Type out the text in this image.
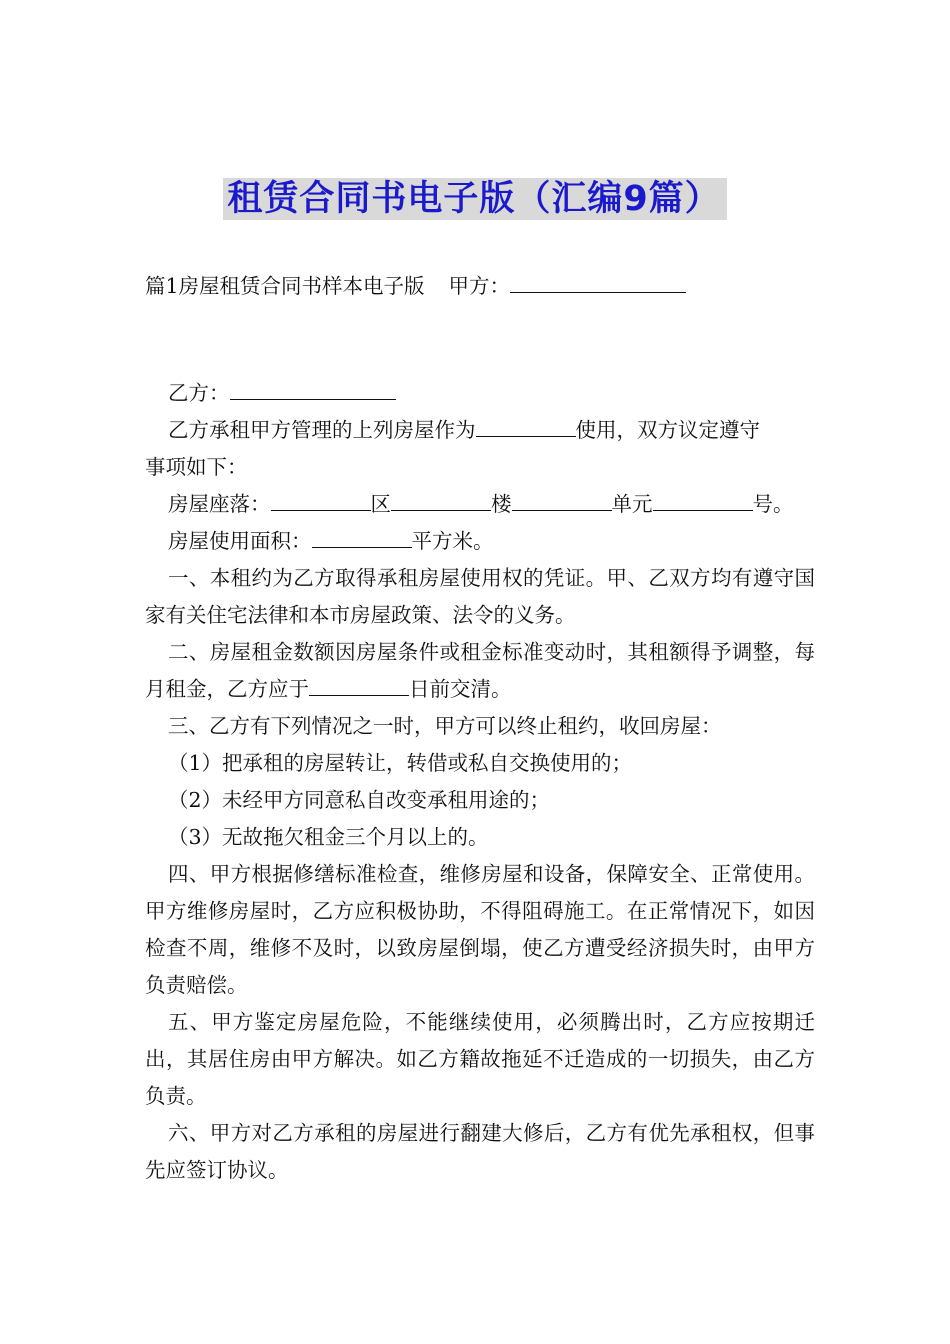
租赁合同书电子版（汇编9篇）
篇1房屋租赁合同书样本电子版 甲方：
乙方：
乙方承租甲方管理的上列房屋作为	使用，双方议定遵守
事项如下：
房屋座落：	区	楼	单元	号。
房屋使用面积：	平方米。

一、本租约为乙方取得承租房屋使用权的凭证。甲、乙双方均有遵守国家有关住宅法律和本市房屋政策、法令的义务。

二、房屋租金数额因房屋条件或租金标准变动时，其租额得予调整，每月租金，乙方应于	日前交清。

三、乙方有下列情况之一时，甲方可以终止租约，收回房屋：

（1）把承租的房屋转让，转借或私自交换使用的；
（2）未经甲方同意私自改变承租用途的；
（3）无故拖欠租金三个月以上的。

四、甲方根据修缮标准检查，维修房屋和设备，保障安全、正常使用。甲方维修房屋时，乙方应积极协助，不得阻碍施工。在正常情况下，如因检查不周，维修不及时，以致房屋倒塌，使乙方遭受经济损失时，由甲方负责赔偿。

五、甲方鉴定房屋危险，不能继续使用，必须腾出时，乙方应按期迁出，其居住房由甲方解决。如乙方籍故拖延不迁造成的一切损失，由乙方负责。

六、甲方对乙方承租的房屋进行翻建大修后，乙方有优先承租权，但事先应签订协议。
